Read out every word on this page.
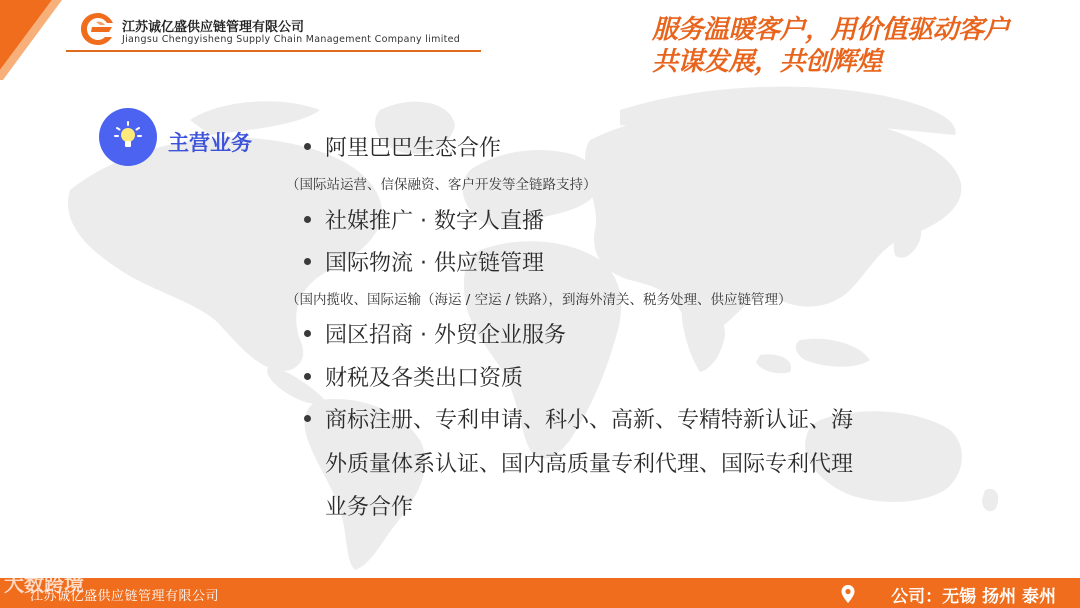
江苏诚亿盛供应链管理有限公司
Jiangsu Chengyisheng Supply Chain Management Company limited	服务温暖客户，用价值驱动客户
共谋发展，共创辉煌
主营业务	阿里巴巴生态合作
（国际站运营、信保融资、客户开发等全链路支持）
社媒推广 · 数字人直播
国际物流 · 供应链管理
（国内揽收、国际运输（海运 / 空运 / 铁路），到海外清关、税务处理、供应链管理）
园区招商 · 外贸企业服务
财税及各类出口资质
商标注册、专利申请、科小、高新、专精特新认证、海
外质量体系认证、国内高质量专利代理、国际专利代理
业务合作
江苏诚亿盛供应链管理有限公司	公司：无锡 扬州 泰州
大数跨境
